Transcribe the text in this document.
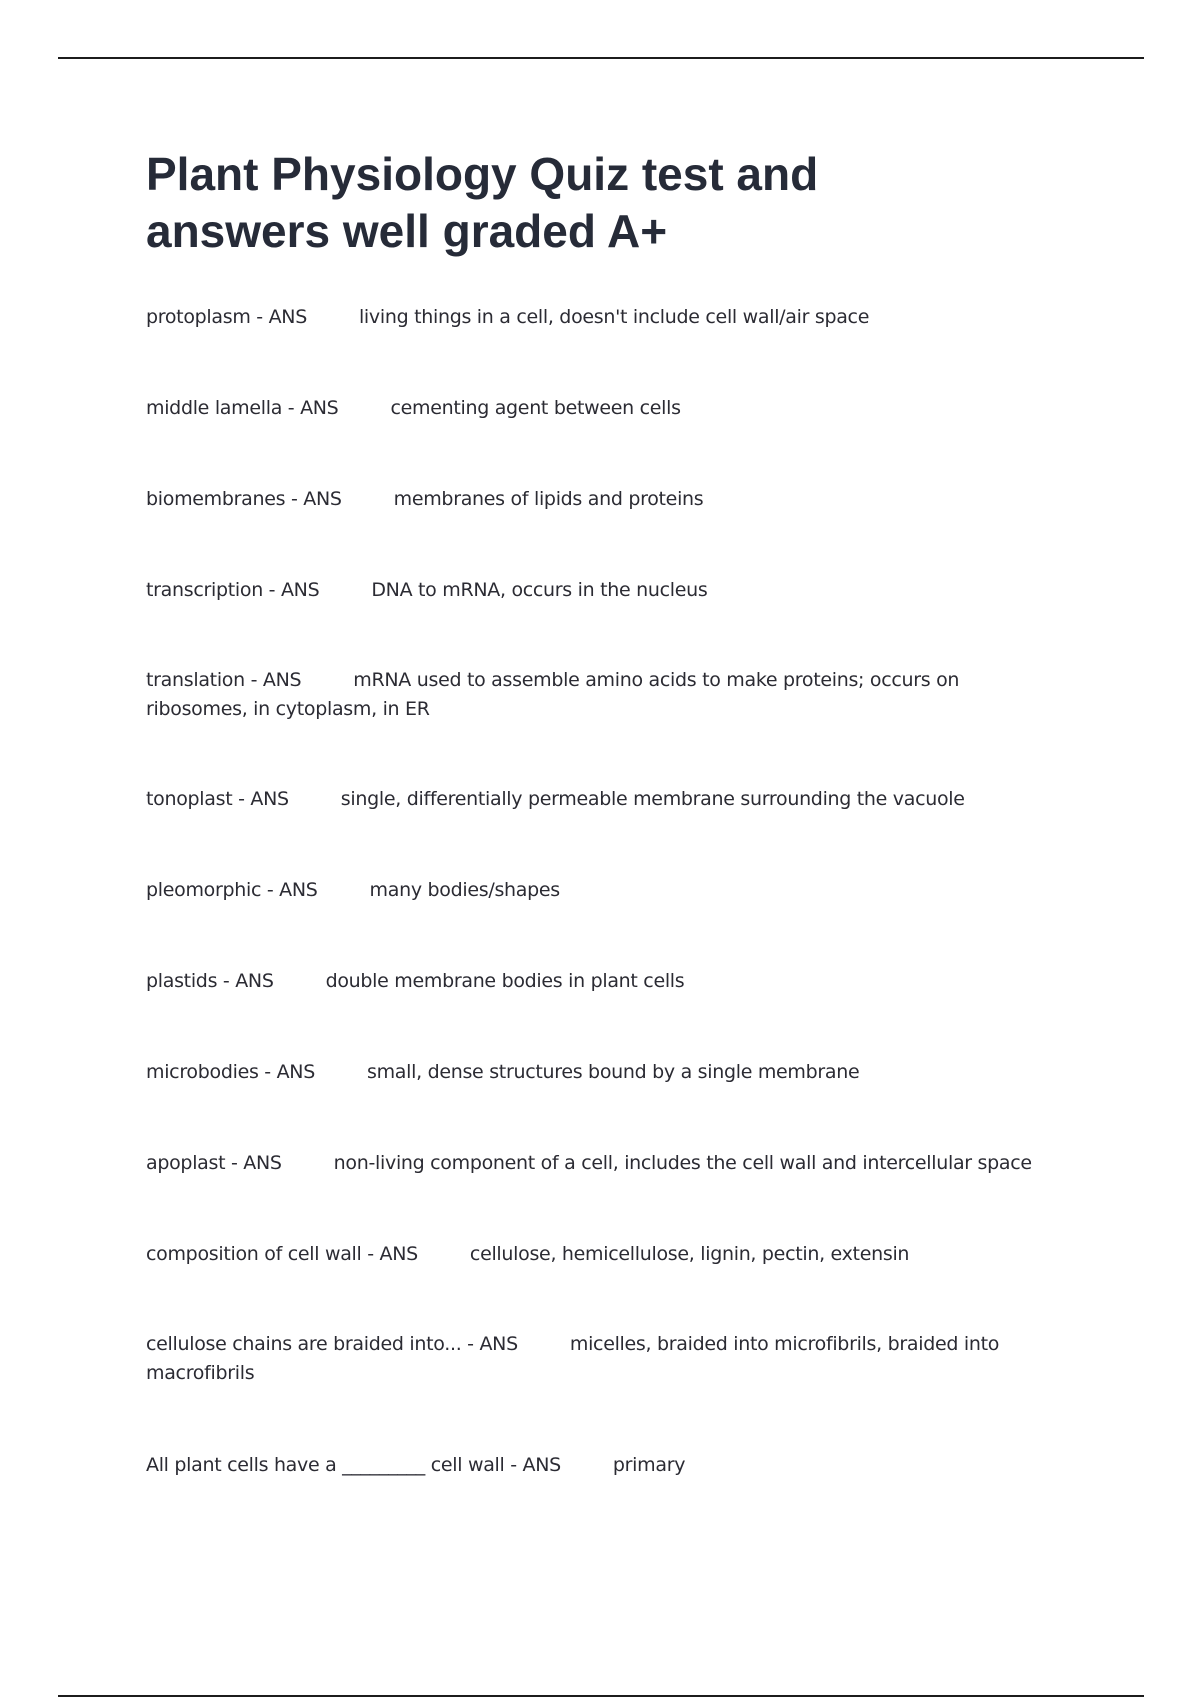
Plant Physiology Quiz test and answers well graded A+
protoplasm - ANS	living things in a cell, doesn't include cell wall/air space
middle lamella - ANS	cementing agent between cells
biomembranes - ANS	membranes of lipids and proteins
transcription - ANS	DNA to mRNA, occurs in the nucleus
translation - ANS	mRNA used to assemble amino acids to make proteins; occurs on ribosomes, in cytoplasm, in ER
tonoplast - ANS	single, differentially permeable membrane surrounding the vacuole
pleomorphic - ANS	many bodies/shapes
plastids - ANS	double membrane bodies in plant cells
microbodies - ANS	small, dense structures bound by a single membrane
apoplast - ANS	non-living component of a cell, includes the cell wall and intercellular space
composition of cell wall - ANS	cellulose, hemicellulose, lignin, pectin, extensin
cellulose chains are braided into... - ANS	micelles, braided into microfibrils, braided into macrofibrils
All plant cells have a _________ cell wall - ANS	primary
